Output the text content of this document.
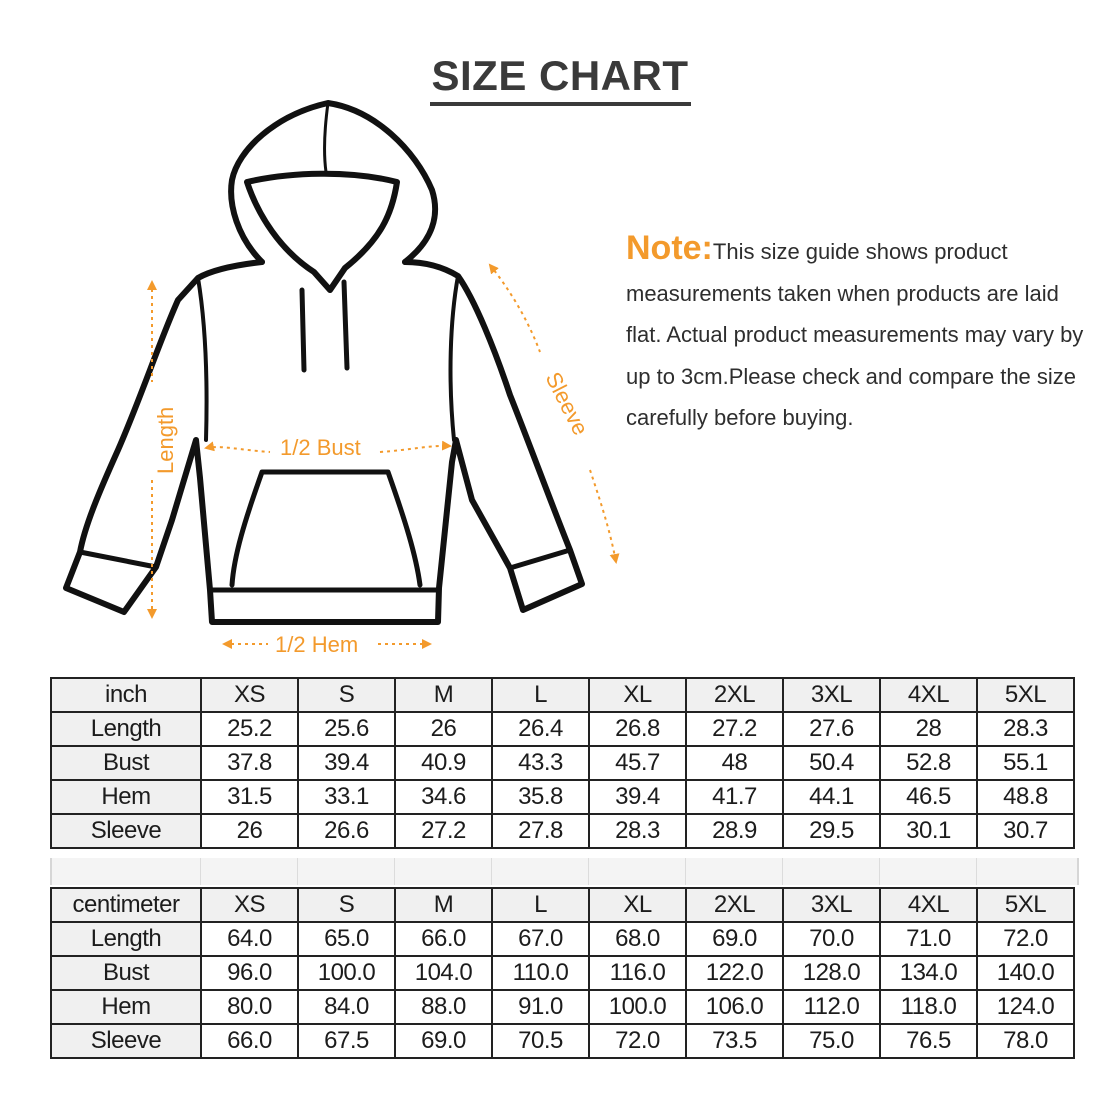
SIZE CHART
Length	1/2 Bust
Sleeve
1/2 Hem
Note:This size guide shows product measurements taken when products are laid flat. Actual product measurements may vary by up to 3cm.Please check and compare the size carefully before buying.
inch	XS	S	M	L	XL	2XL	3XL	4XL	5XL
Length	25.2	25.6	26	26.4	26.8	27.2	27.6	28	28.3
Bust	37.8	39.4	40.9	43.3	45.7	48	50.4	52.8	55.1
Hem	31.5	33.1	34.6	35.8	39.4	41.7	44.1	46.5	48.8
Sleeve	26	26.6	27.2	27.8	28.3	28.9	29.5	30.1	30.7
centimeter	XS	S	M	L	XL	2XL	3XL	4XL	5XL
Length	64.0	65.0	66.0	67.0	68.0	69.0	70.0	71.0	72.0
Bust	96.0	100.0	104.0	110.0	116.0	122.0	128.0	134.0	140.0
Hem	80.0	84.0	88.0	91.0	100.0	106.0	112.0	118.0	124.0
Sleeve	66.0	67.5	69.0	70.5	72.0	73.5	75.0	76.5	78.0
